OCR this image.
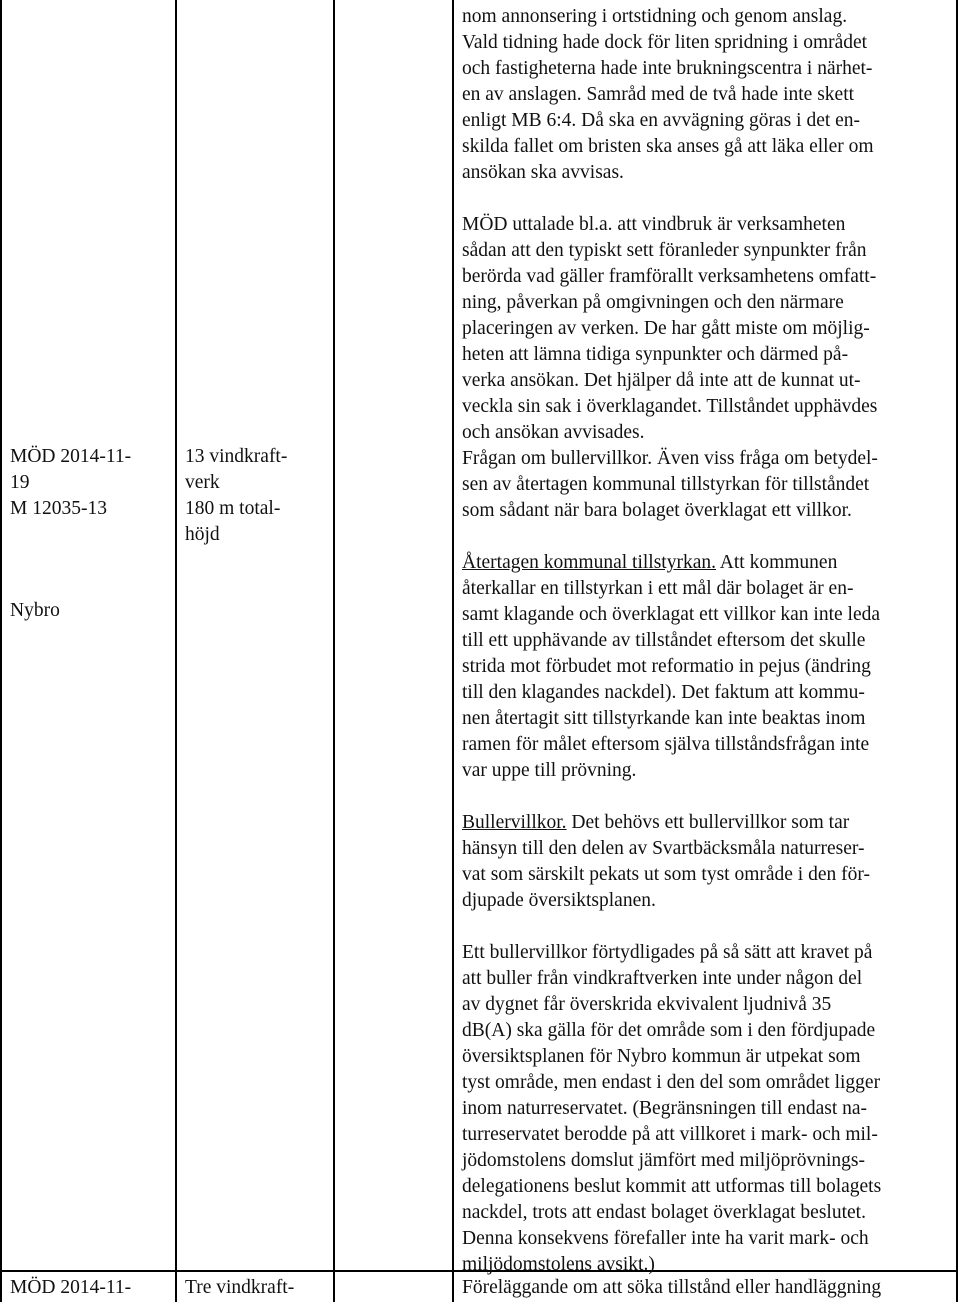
MÖD 2014-11-

19

M 12035-13

Nybro

13 vindkraft-

verk

180 m total-

höjd

nom annonsering i ortstidning och genom anslag.

Vald tidning hade dock för liten spridning i området

och fastigheterna hade inte brukningscentra i närhet-

en av anslagen. Samråd med de två hade inte skett

enligt MB 6:4. Då ska en avvägning göras i det en-

skilda fallet om bristen ska anses gå att läka eller om

ansökan ska avvisas.

MÖD uttalade bl.a. att vindbruk är verksamheten

sådan att den typiskt sett föranleder synpunkter från

berörda vad gäller framförallt verksamhetens omfatt-

ning, påverkan på omgivningen och den närmare

placeringen av verken. De har gått miste om möjlig-

heten att lämna tidiga synpunkter och därmed på-

verka ansökan. Det hjälper då inte att de kunnat ut-

veckla sin sak i överklagandet. Tillståndet upphävdes

och ansökan avvisades.

Frågan om bullervillkor. Även viss fråga om betydel-

sen av återtagen kommunal tillstyrkan för tillståndet

som sådant när bara bolaget överklagat ett villkor.

Återtagen kommunal tillstyrkan. Att kommunen

återkallar en tillstyrkan i ett mål där bolaget är en-

samt klagande och överklagat ett villkor kan inte leda

till ett upphävande av tillståndet eftersom det skulle

strida mot förbudet mot reformatio in pejus (ändring

till den klagandes nackdel). Det faktum att kommu-

nen återtagit sitt tillstyrkande kan inte beaktas inom

ramen för målet eftersom själva tillståndsfrågan inte

var uppe till prövning.

Bullervillkor. Det behövs ett bullervillkor som tar

hänsyn till den delen av Svartbäcksmåla naturreser-

vat som särskilt pekats ut som tyst område i den för-

djupade översiktsplanen.

Ett bullervillkor förtydligades på så sätt att kravet på

att buller från vindkraftverken inte under någon del

av dygnet får överskrida ekvivalent ljudnivå 35

dB(A) ska gälla för det område som i den fördjupade

översiktsplanen för Nybro kommun är utpekat som

tyst område, men endast i den del som området ligger

inom naturreservatet. (Begränsningen till endast na-

turreservatet berodde på att villkoret i mark- och mil-

jödomstolens domslut jämfört med miljöprövnings-

delegationens beslut kommit att utformas till bolagets

nackdel, trots att endast bolaget överklagat beslutet.

Denna konsekvens förefaller inte ha varit mark- och

miljödomstolens avsikt.)

MÖD 2014-11-	Tre vindkraft-	Föreläggande om att söka tillstånd eller handläggning
